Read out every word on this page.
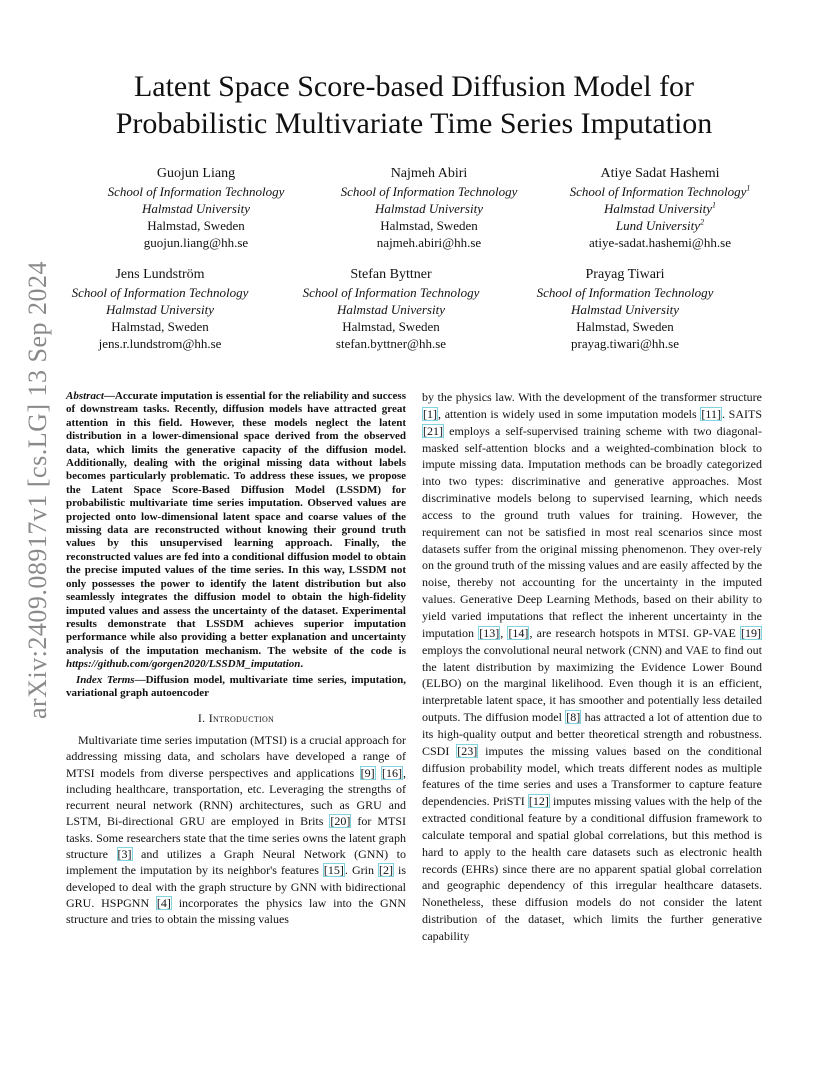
arXiv:2409.08917v1 [cs.LG] 13 Sep 2024
Latent Space Score-based Diffusion Model for
Probabilistic Multivariate Time Series Imputation
Guojun Liang
School of Information Technology
Halmstad University
Halmstad, Sweden
guojun.liang@hh.se
Najmeh Abiri
School of Information Technology
Halmstad University
Halmstad, Sweden
najmeh.abiri@hh.se
Atiye Sadat Hashemi
School of Information Technology$^1$
Halmstad University$^1$
Lund University$^2$
atiye-sadat.hashemi@hh.se
Jens Lundström
School of Information Technology
Halmstad University
Halmstad, Sweden
jens.r.lundstrom@hh.se
Stefan Byttner
School of Information Technology
Halmstad University
Halmstad, Sweden
stefan.byttner@hh.se
Prayag Tiwari
School of Information Technology
Halmstad University
Halmstad, Sweden
prayag.tiwari@hh.se
Abstract—Accurate imputation is essential for the reliability and success of downstream tasks. Recently, diffusion models have attracted great attention in this field. However, these models neglect the latent distribution in a lower-dimensional space derived from the observed data, which limits the generative capacity of the diffusion model. Additionally, dealing with the original missing data without labels becomes particularly problematic. To address these issues, we propose the Latent Space Score-Based Diffusion Model (LSSDM) for probabilistic multivariate time series imputation. Observed values are projected onto low-dimensional latent space and coarse values of the missing data are reconstructed without knowing their ground truth values by this unsupervised learning approach. Finally, the reconstructed values are fed into a conditional diffusion model to obtain the precise imputed values of the time series. In this way, LSSDM not only possesses the power to identify the latent distribution but also seamlessly integrates the diffusion model to obtain the high-fidelity imputed values and assess the uncertainty of the dataset. Experimental results demonstrate that LSSDM achieves superior imputation performance while also providing a better explanation and uncertainty analysis of the imputation mechanism. The website of the code is https://github.com/gorgen2020/LSSDM_imputation.
Index Terms—Diffusion model, multivariate time series, imputation, variational graph autoencoder
I. Introduction

Multivariate time series imputation (MTSI) is a crucial approach for addressing missing data, and scholars have developed a range of MTSI models from diverse perspectives and applications [9] [16], including healthcare, transportation, etc. Leveraging the strengths of recurrent neural network (RNN) architectures, such as GRU and LSTM, Bi-directional GRU are employed in Brits [20] for MTSI tasks. Some researchers state that the time series owns the latent graph structure [3] and utilizes a Graph Neural Network (GNN) to implement the imputation by its neighbor's features [15]. Grin [2] is developed to deal with the graph structure by GNN with bidirectional GRU. HSPGNN [4] incorporates the physics law into the GNN structure and tries to obtain the missing values

by the physics law. With the development of the transformer structure [1], attention is widely used in some imputation models [11]. SAITS [21] employs a self-supervised training scheme with two diagonal-masked self-attention blocks and a weighted-combination block to impute missing data. Imputation methods can be broadly categorized into two types: discriminative and generative approaches. Most discriminative models belong to supervised learning, which needs access to the ground truth values for training. However, the requirement can not be satisfied in most real scenarios since most datasets suffer from the original missing phenomenon. They over-rely on the ground truth of the missing values and are easily affected by the noise, thereby not accounting for the uncertainty in the imputed values. Generative Deep Learning Methods, based on their ability to yield varied imputations that reflect the inherent uncertainty in the imputation [13], [14], are research hotspots in MTSI. GP-VAE [19] employs the convolutional neural network (CNN) and VAE to find out the latent distribution by maximizing the Evidence Lower Bound (ELBO) on the marginal likelihood. Even though it is an efficient, interpretable latent space, it has smoother and potentially less detailed outputs. The diffusion model [8] has attracted a lot of attention due to its high-quality output and better theoretical strength and robustness. CSDI [23] imputes the missing values based on the conditional diffusion probability model, which treats different nodes as multiple features of the time series and uses a Transformer to capture feature dependencies. PriSTI [12] imputes missing values with the help of the extracted conditional feature by a conditional diffusion framework to calculate temporal and spatial global correlations, but this method is hard to apply to the health care datasets such as electronic health records (EHRs) since there are no apparent spatial global correlation and geographic dependency of this irregular healthcare datasets. Nonetheless, these diffusion models do not consider the latent distribution of the dataset, which limits the further generative capability
